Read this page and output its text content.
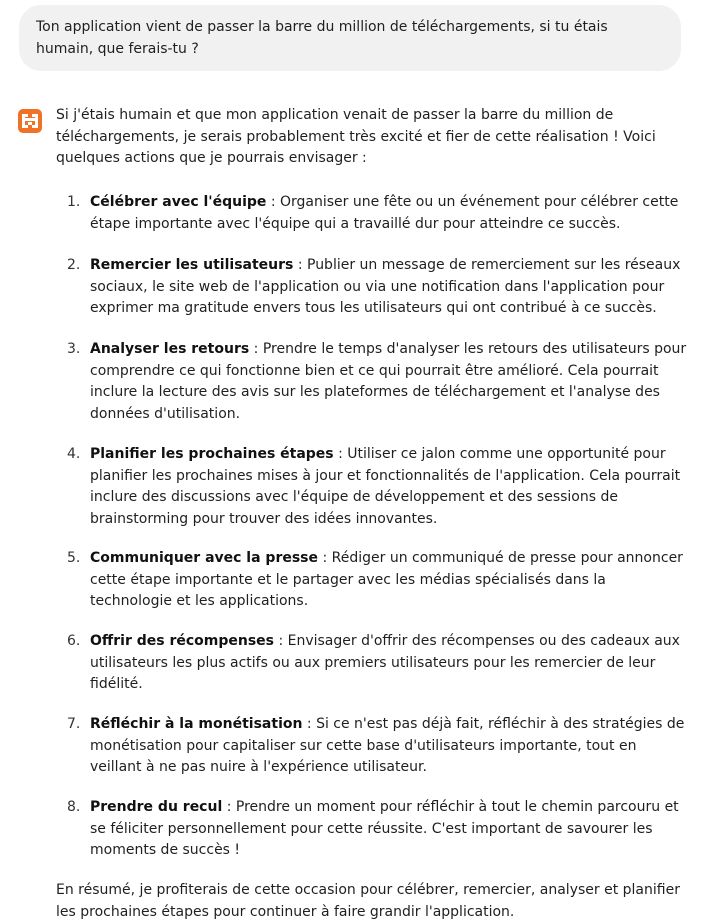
Ton application vient de passer la barre du million de téléchargements, si tu étais humain, que ferais-tu ?

Si j'étais humain et que mon application venait de passer la barre du million de téléchargements, je serais probablement très excité et fier de cette réalisation ! Voici quelques actions que je pourrais envisager :

1. Célébrer avec l'équipe : Organiser une fête ou un événement pour célébrer cette étape importante avec l'équipe qui a travaillé dur pour atteindre ce succès.
2. Remercier les utilisateurs : Publier un message de remerciement sur les réseaux sociaux, le site web de l'application ou via une notification dans l'application pour exprimer ma gratitude envers tous les utilisateurs qui ont contribué à ce succès.
3. Analyser les retours : Prendre le temps d'analyser les retours des utilisateurs pour comprendre ce qui fonctionne bien et ce qui pourrait être amélioré. Cela pourrait inclure la lecture des avis sur les plateformes de téléchargement et l'analyse des données d'utilisation.
4. Planifier les prochaines étapes : Utiliser ce jalon comme une opportunité pour planifier les prochaines mises à jour et fonctionnalités de l'application. Cela pourrait inclure des discussions avec l'équipe de développement et des sessions de brainstorming pour trouver des idées innovantes.
5. Communiquer avec la presse : Rédiger un communiqué de presse pour annoncer cette étape importante et le partager avec les médias spécialisés dans la technologie et les applications.
6. Offrir des récompenses : Envisager d'offrir des récompenses ou des cadeaux aux utilisateurs les plus actifs ou aux premiers utilisateurs pour les remercier de leur fidélité.
7. Réfléchir à la monétisation : Si ce n'est pas déjà fait, réfléchir à des stratégies de monétisation pour capitaliser sur cette base d'utilisateurs importante, tout en veillant à ne pas nuire à l'expérience utilisateur.
8. Prendre du recul : Prendre un moment pour réfléchir à tout le chemin parcouru et se féliciter personnellement pour cette réussite. C'est important de savourer les moments de succès !

En résumé, je profiterais de cette occasion pour célébrer, remercier, analyser et planifier les prochaines étapes pour continuer à faire grandir l'application.
